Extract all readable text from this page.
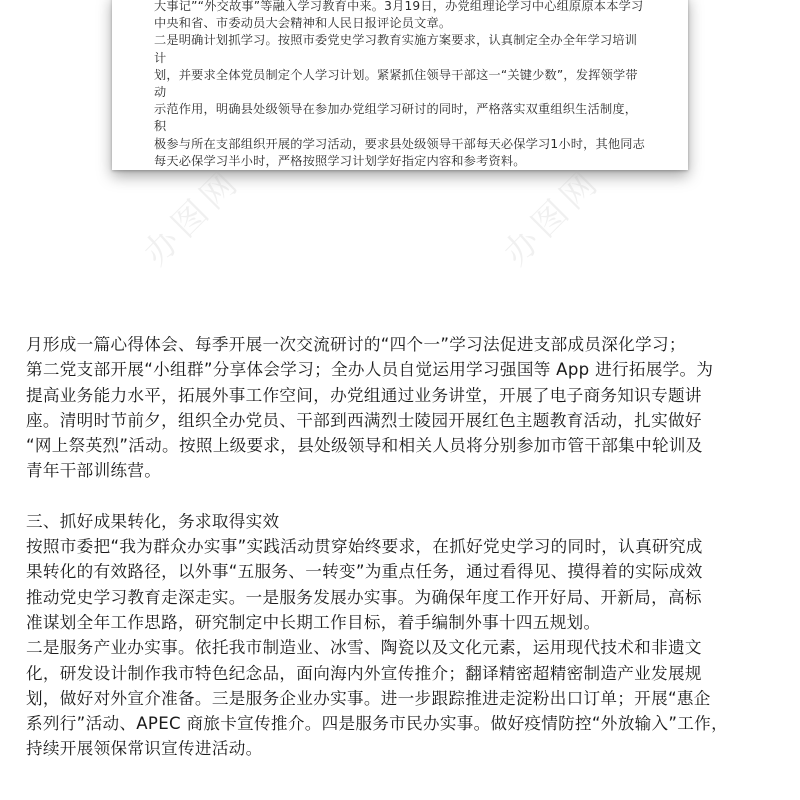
大事记”“外交故事”等融入学习教育中来。3月19日，办党组理论学习中心组原原本本学习

中央和省、市委动员大会精神和人民日报评论员文章。

二是明确计划抓学习。按照市委党史学习教育实施方案要求，认真制定全办全年学习培训计

划，并要求全体党员制定个人学习计划。紧紧抓住领导干部这一“关键少数”，发挥领学带动

示范作用，明确县处级领导在参加办党组学习研讨的同时，严格落实双重组织生活制度，积

极参与所在支部组织开展的学习活动，要求县处级领导干部每天必保学习1小时，其他同志

每天必保学习半小时，严格按照学习计划学好指定内容和参考资料。

办图网	办图网

月形成一篇心得体会、每季开展一次交流研讨的“四个一”学习法促进支部成员深化学习；

第二党支部开展“小组群”分享体会学习；全办人员自觉运用学习强国等 App 进行拓展学。为

提高业务能力水平，拓展外事工作空间，办党组通过业务讲堂，开展了电子商务知识专题讲

座。清明时节前夕，组织全办党员、干部到西满烈士陵园开展红色主题教育活动，扎实做好

“网上祭英烈”活动。按照上级要求，县处级领导和相关人员将分别参加市管干部集中轮训及

青年干部训练营。

三、抓好成果转化，务求取得实效

按照市委把“我为群众办实事”实践活动贯穿始终要求，在抓好党史学习的同时，认真研究成

果转化的有效路径，以外事“五服务、一转变”为重点任务，通过看得见、摸得着的实际成效

推动党史学习教育走深走实。一是服务发展办实事。为确保年度工作开好局、开新局，高标

准谋划全年工作思路，研究制定中长期工作目标，着手编制外事十四五规划。

二是服务产业办实事。依托我市制造业、冰雪、陶瓷以及文化元素，运用现代技术和非遗文

化，研发设计制作我市特色纪念品，面向海内外宣传推介；翻译精密超精密制造产业发展规

划，做好对外宣介准备。三是服务企业办实事。进一步跟踪推进走淀粉出口订单；开展“惠企

系列行”活动、APEC 商旅卡宣传推介。四是服务市民办实事。做好疫情防控“外放输入”工作，

持续开展领保常识宣传进活动。
